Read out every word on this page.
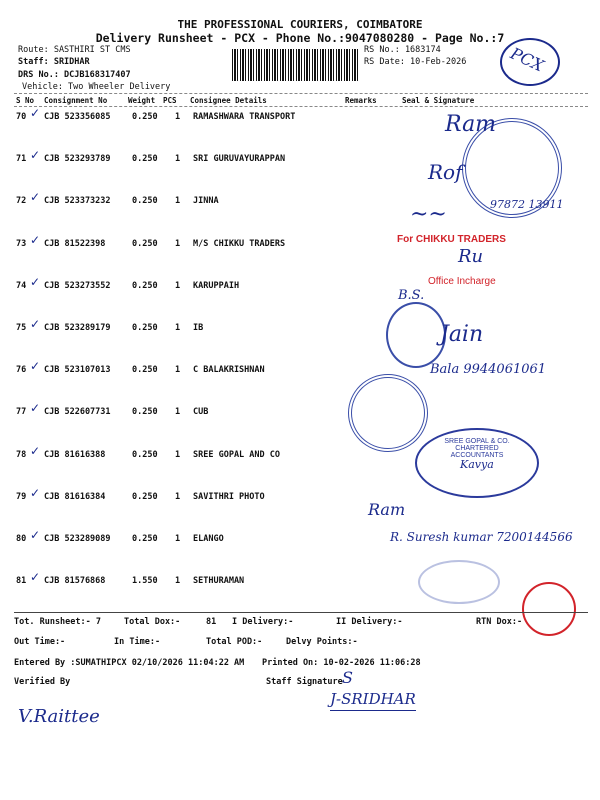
THE PROFESSIONAL COURIERS, COIMBATORE
Delivery Runsheet - PCX - Phone No.:9047080280 - Page No.:7
Route: SASTHIRI ST CMS
Staff: SRIDHAR
DRS No.: DCJB168317407
Vehicle: Two Wheeler Delivery
RS No.: 1683174
RS Date: 10-Feb-2026	PCX
S No Consignment No	Weight PCS Consignee Details	Remarks	Seal & Signature
70 CJB 523356085	0.250 1 RAMASHWARA TRANSPORT
✓
71 CJB 523293789	0.250 1 SRI GURUVAYURAPPAN
✓
72 CJB 523373232	0.250 1 JINNA
✓
73 CJB 81522398	0.250 1 M/S CHIKKU TRADERS
✓
74 CJB 523273552	0.250 1 KARUPPAIH
✓
75 CJB 523289179	0.250 1 IB
✓
76 CJB 523107013	0.250 1 C BALAKRISHNAN
✓
77 CJB 522607731	0.250 1 CUB
✓
78 CJB 81616388	0.250 1 SREE GOPAL AND CO
✓
79 CJB 81616384	0.250 1 SAVITHRI PHOTO
✓
80 CJB 523289089	0.250 1 ELANGO
✓
81 CJB 81576868	1.550 1 SETHURAMAN
✓
Ram
Rof
~~	97872 13911
For CHIKKU TRADERS
Ru
Office Incharge
B.S.
Jain
Bala 9944061061
SREE GOPAL & CO. CHARTERED ACCOUNTANTS
Kavya
Ram
R. Suresh kumar 7200144566
Tot. Runsheet:- 7	Total Dox:-	81 I Delivery:-	II Delivery:-	RTN Dox:-
Out Time:-	In Time:-	Total POD:-	Delvy Points:-
Entered By :SUMATHIPCX 02/10/2026 11:04:22 AM Printed On: 10-02-2026 11:06:28
Verified By	Staff Signature S
J-SRIDHAR
V.Raittee
